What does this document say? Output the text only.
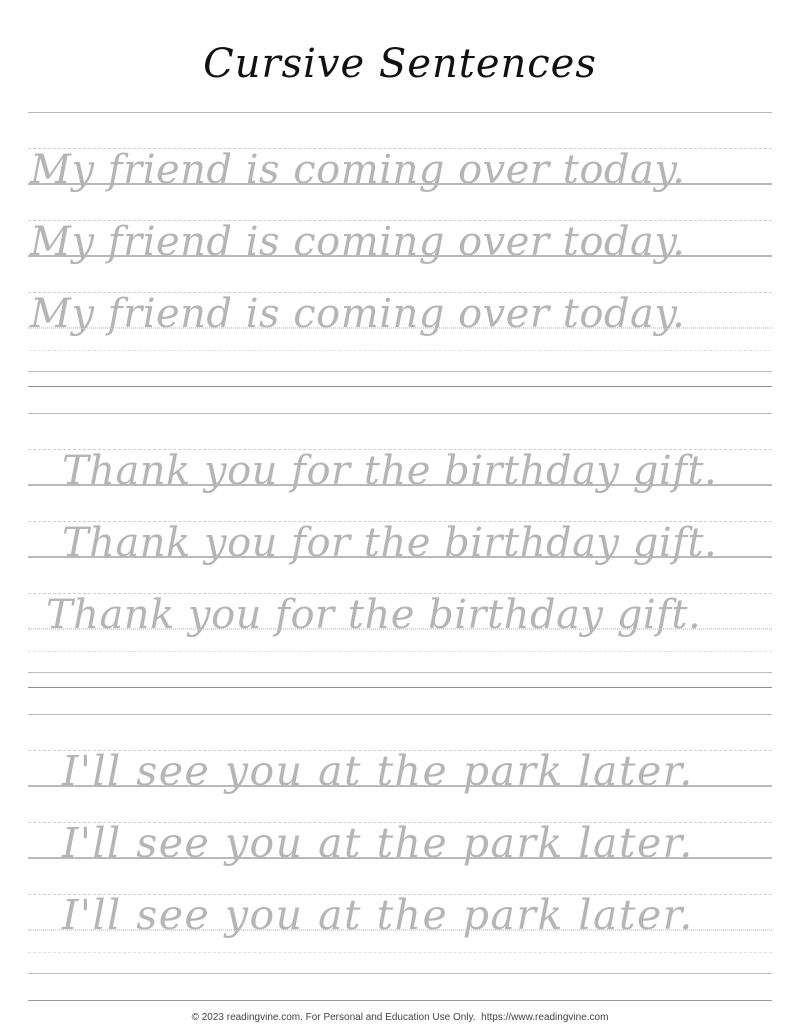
Cursive Sentences
My friend is coming over today.
My friend is coming over today.
My friend is coming over today.
Thank you for the birthday gift.
Thank you for the birthday gift.
Thank you for the birthday gift.
I'll see you at the park later.
I'll see you at the park later.
I'll see you at the park later.
© 2023 readingvine.com. For Personal and Education Use Only. https://www.readingvine.com
